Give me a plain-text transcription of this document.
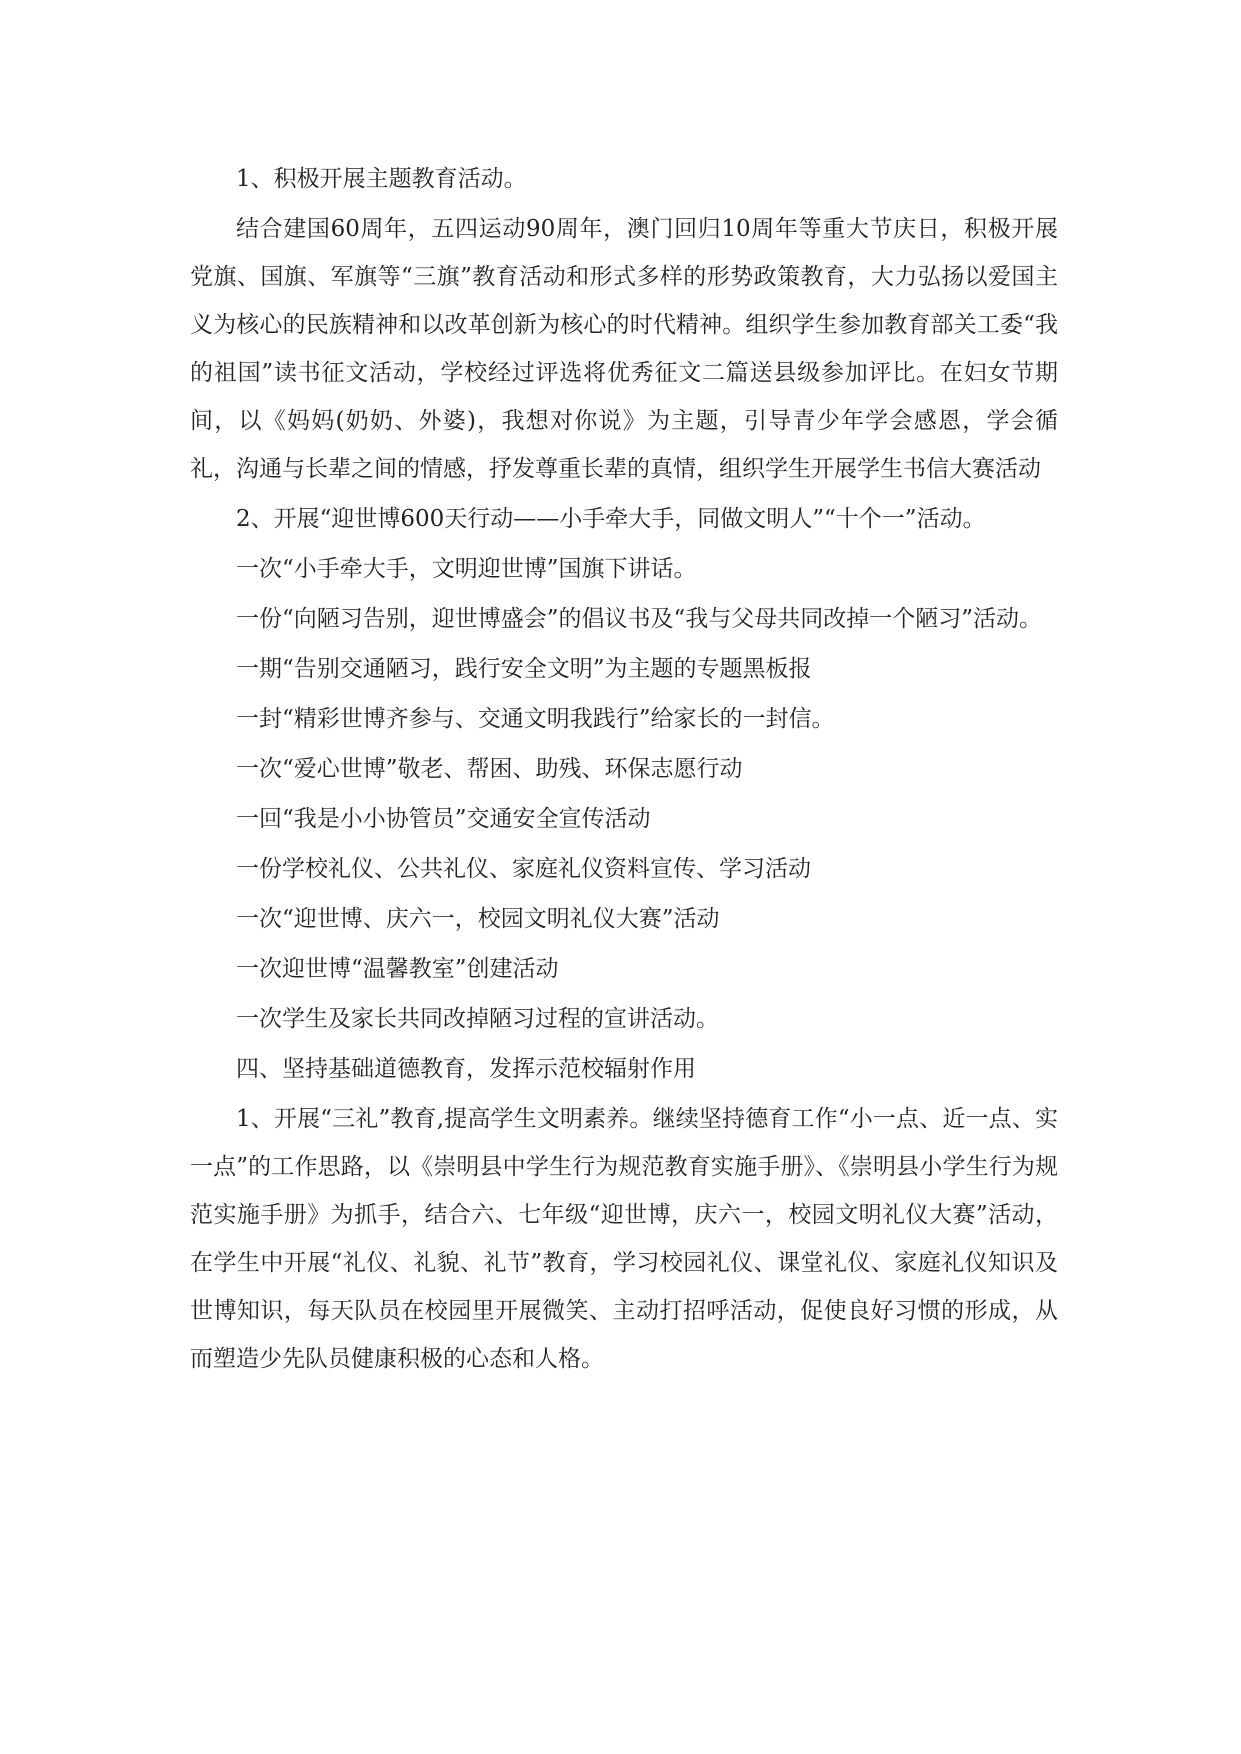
1、积极开展主题教育活动。

结合建国60周年，五四运动90周年，澳门回归10周年等重大节庆日，积极开展党旗、国旗、军旗等“三旗”教育活动和形式多样的形势政策教育，大力弘扬以爱国主义为核心的民族精神和以改革创新为核心的时代精神。组织学生参加教育部关工委“我的祖国”读书征文活动，学校经过评选将优秀征文二篇送县级参加评比。在妇女节期间，以《妈妈(奶奶、外婆)，我想对你说》为主题，引导青少年学会感恩，学会循礼，沟通与长辈之间的情感，抒发尊重长辈的真情，组织学生开展学生书信大赛活动

2、开展“迎世博600天行动——小手牵大手，同做文明人”“十个一”活动。

一次“小手牵大手，文明迎世博”国旗下讲话。

一份“向陋习告别，迎世博盛会”的倡议书及“我与父母共同改掉一个陋习”活动。

一期“告别交通陋习，践行安全文明”为主题的专题黑板报

一封“精彩世博齐参与、交通文明我践行”给家长的一封信。

一次“爱心世博”敬老、帮困、助残、环保志愿行动

一回“我是小小协管员”交通安全宣传活动

一份学校礼仪、公共礼仪、家庭礼仪资料宣传、学习活动

一次“迎世博、庆六一，校园文明礼仪大赛”活动

一次迎世博“温馨教室”创建活动

一次学生及家长共同改掉陋习过程的宣讲活动。

四、坚持基础道德教育，发挥示范校辐射作用

1、开展“三礼”教育,提高学生文明素养。继续坚持德育工作“小一点、近一点、实一点”的工作思路，以《崇明县中学生行为规范教育实施手册》、《崇明县小学生行为规范实施手册》为抓手，结合六、七年级“迎世博，庆六一，校园文明礼仪大赛”活动，在学生中开展“礼仪、礼貌、礼节”教育，学习校园礼仪、课堂礼仪、家庭礼仪知识及世博知识，每天队员在校园里开展微笑、主动打招呼活动，促使良好习惯的形成，从而塑造少先队员健康积极的心态和人格。
